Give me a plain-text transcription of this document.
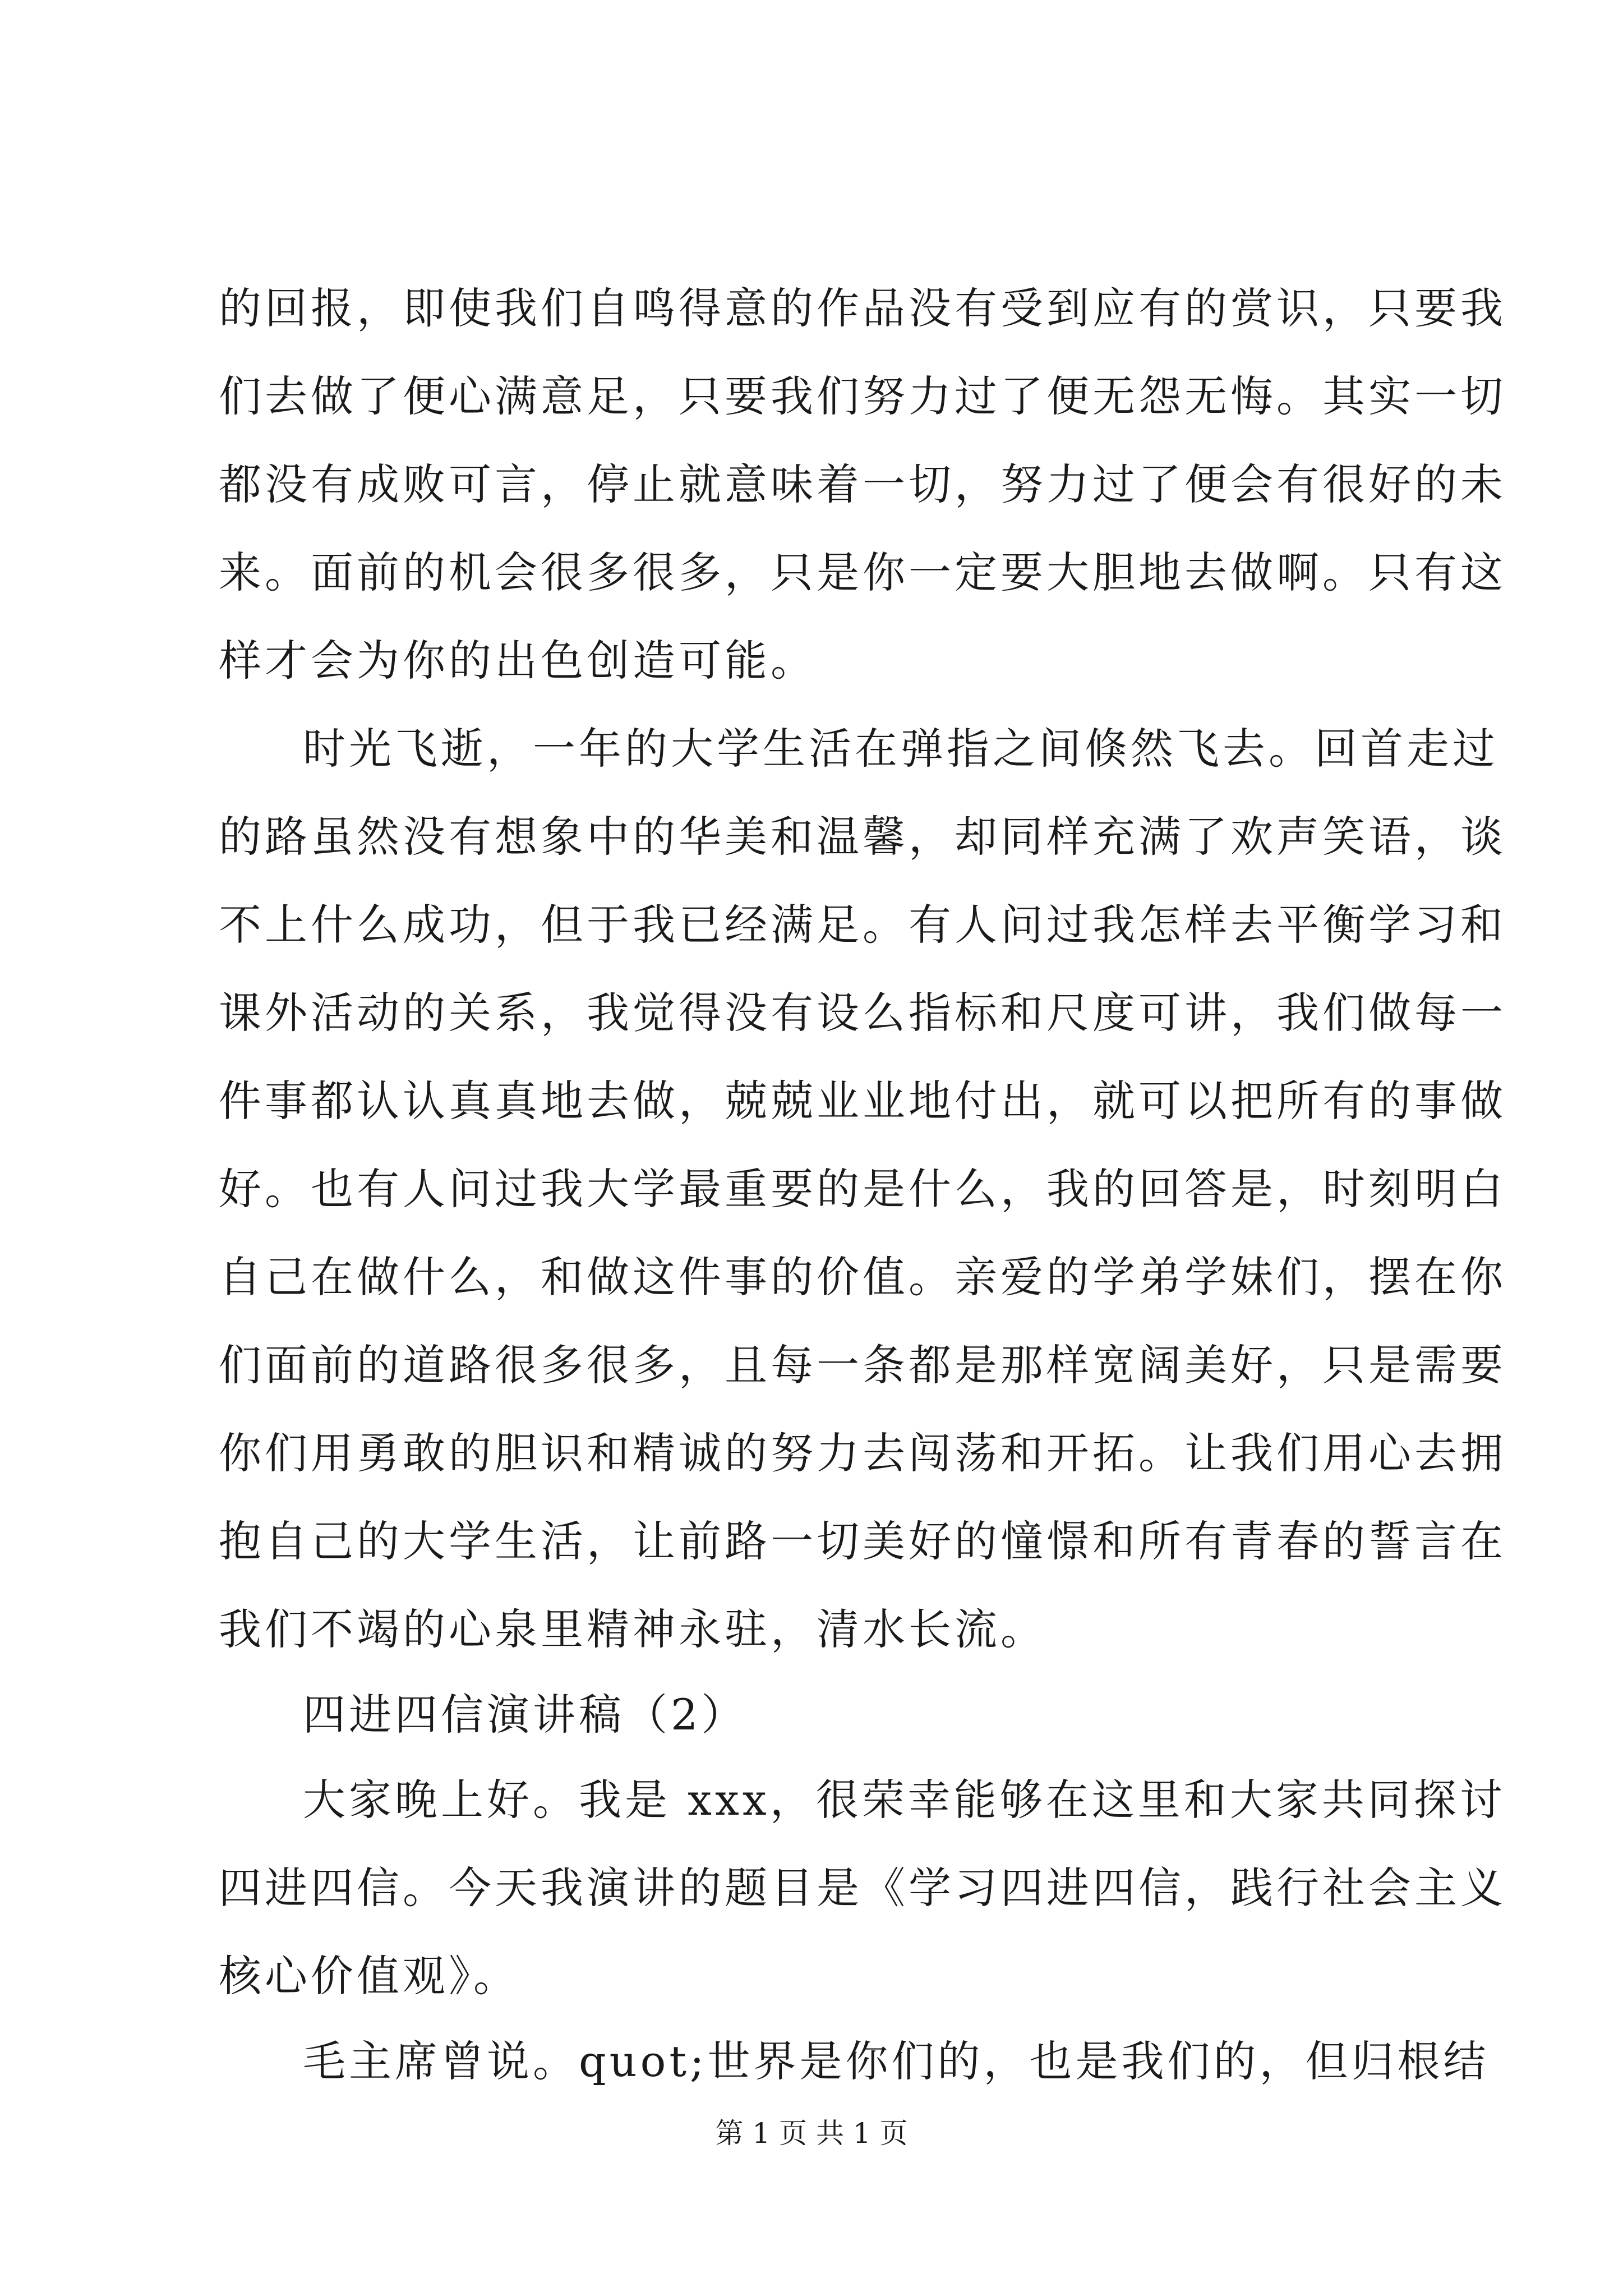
的回报，即使我们自鸣得意的作品没有受到应有的赏识，只要我
们去做了便心满意足，只要我们努力过了便无怨无悔。其实一切
都没有成败可言，停止就意味着一切，努力过了便会有很好的未
来。面前的机会很多很多，只是你一定要大胆地去做啊。只有这
样才会为你的出色创造可能。
时光飞逝，一年的大学生活在弹指之间倏然飞去。回首走过
的路虽然没有想象中的华美和温馨，却同样充满了欢声笑语，谈
不上什么成功，但于我已经满足。有人问过我怎样去平衡学习和
课外活动的关系，我觉得没有设么指标和尺度可讲，我们做每一
件事都认认真真地去做，兢兢业业地付出，就可以把所有的事做
好。也有人问过我大学最重要的是什么，我的回答是，时刻明白
自己在做什么，和做这件事的价值。亲爱的学弟学妹们，摆在你
们面前的道路很多很多，且每一条都是那样宽阔美好，只是需要
你们用勇敢的胆识和精诚的努力去闯荡和开拓。让我们用心去拥
抱自己的大学生活，让前路一切美好的憧憬和所有青春的誓言在
我们不竭的心泉里精神永驻，清水长流。
四进四信演讲稿（2）
大家晚上好。我是 xxx，很荣幸能够在这里和大家共同探讨
四进四信。今天我演讲的题目是《学习四进四信，践行社会主义
核心价值观》。
毛主席曾说。quot;世界是你们的，也是我们的，但归根结
第 1 页 共 1 页
